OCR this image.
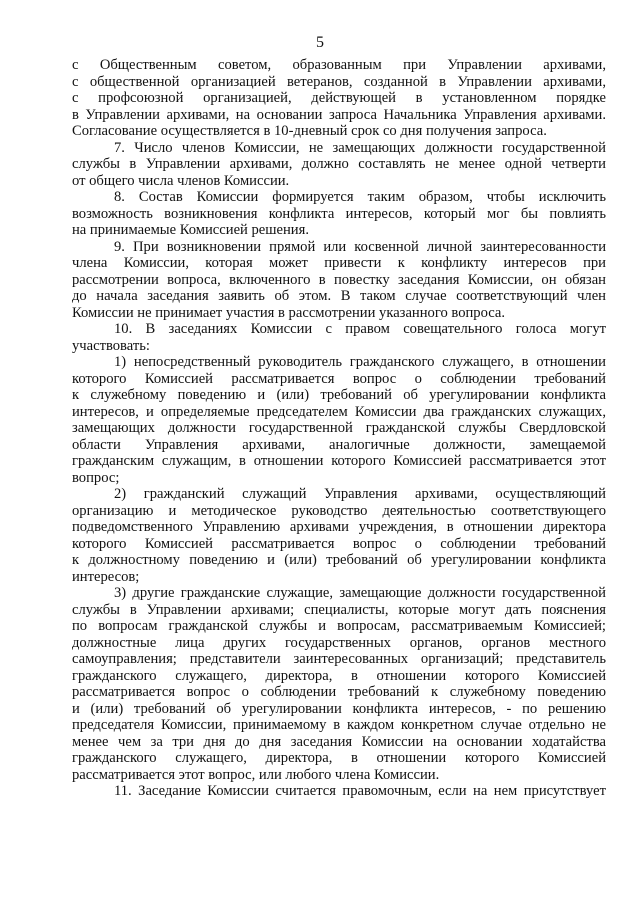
5

с Общественным советом, образованным при Управлении архивами,

с общественной организацией ветеранов, созданной в Управлении архивами,

с профсоюзной организацией, действующей в установленном порядке

в Управлении архивами, на основании запроса Начальника Управления архивами.

Согласование осуществляется в 10-дневный срок со дня получения запроса.

7. Число членов Комиссии, не замещающих должности государственной

службы в Управлении архивами, должно составлять не менее одной четверти

от общего числа членов Комиссии.

8. Состав Комиссии формируется таким образом, чтобы исключить

возможность возникновения конфликта интересов, который мог бы повлиять

на принимаемые Комиссией решения.

9. При возникновении прямой или косвенной личной заинтересованности

члена Комиссии, которая может привести к конфликту интересов при

рассмотрении вопроса, включенного в повестку заседания Комиссии, он обязан

до начала заседания заявить об этом. В таком случае соответствующий член

Комиссии не принимает участия в рассмотрении указанного вопроса.

10. В заседаниях Комиссии с правом совещательного голоса могут

участвовать:

1) непосредственный руководитель гражданского служащего, в отношении

которого Комиссией рассматривается вопрос о соблюдении требований

к служебному поведению и (или) требований об урегулировании конфликта

интересов, и определяемые председателем Комиссии два гражданских служащих,

замещающих должности государственной гражданской службы Свердловской

области Управления архивами, аналогичные должности, замещаемой

гражданским служащим, в отношении которого Комиссией рассматривается этот

вопрос;

2) гражданский служащий Управления архивами, осуществляющий

организацию и методическое руководство деятельностью соответствующего

подведомственного Управлению архивами учреждения, в отношении директора

которого Комиссией рассматривается вопрос о соблюдении требований

к должностному поведению и (или) требований об урегулировании конфликта

интересов;

3) другие гражданские служащие, замещающие должности государственной

службы в Управлении архивами; специалисты, которые могут дать пояснения

по вопросам гражданской службы и вопросам, рассматриваемым Комиссией;

должностные лица других государственных органов, органов местного

самоуправления; представители заинтересованных организаций; представитель

гражданского служащего, директора, в отношении которого Комиссией

рассматривается вопрос о соблюдении требований к служебному поведению

и (или) требований об урегулировании конфликта интересов, - по решению

председателя Комиссии, принимаемому в каждом конкретном случае отдельно не

менее чем за три дня до дня заседания Комиссии на основании ходатайства

гражданского служащего, директора, в отношении которого Комиссией

рассматривается этот вопрос, или любого члена Комиссии.

11. Заседание Комиссии считается правомочным, если на нем присутствует
